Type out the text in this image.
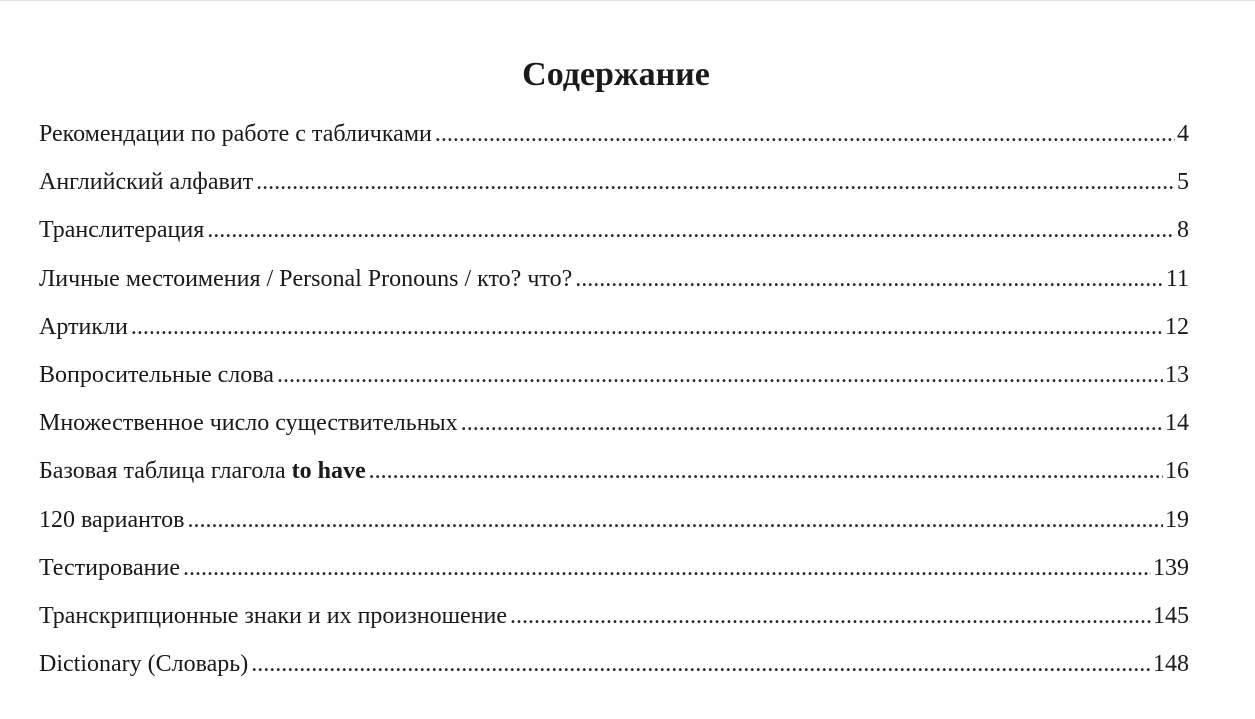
Содержание
Рекомендации по работе с табличками .....	4
Английский алфавит .....	5
Транслитерация .....	8
Личные местоимения / Personal Pronouns / кто? что? .....	11
Артикли .....	12
Вопросительные слова .....	13
Множественное число существительных .....	14
Базовая таблица глагола to have .....	16
120 вариантов .....	19
Тестирование .....	139
Транскрипционные знаки и их произношение .....	145
Dictionary (Словарь) .....	148
